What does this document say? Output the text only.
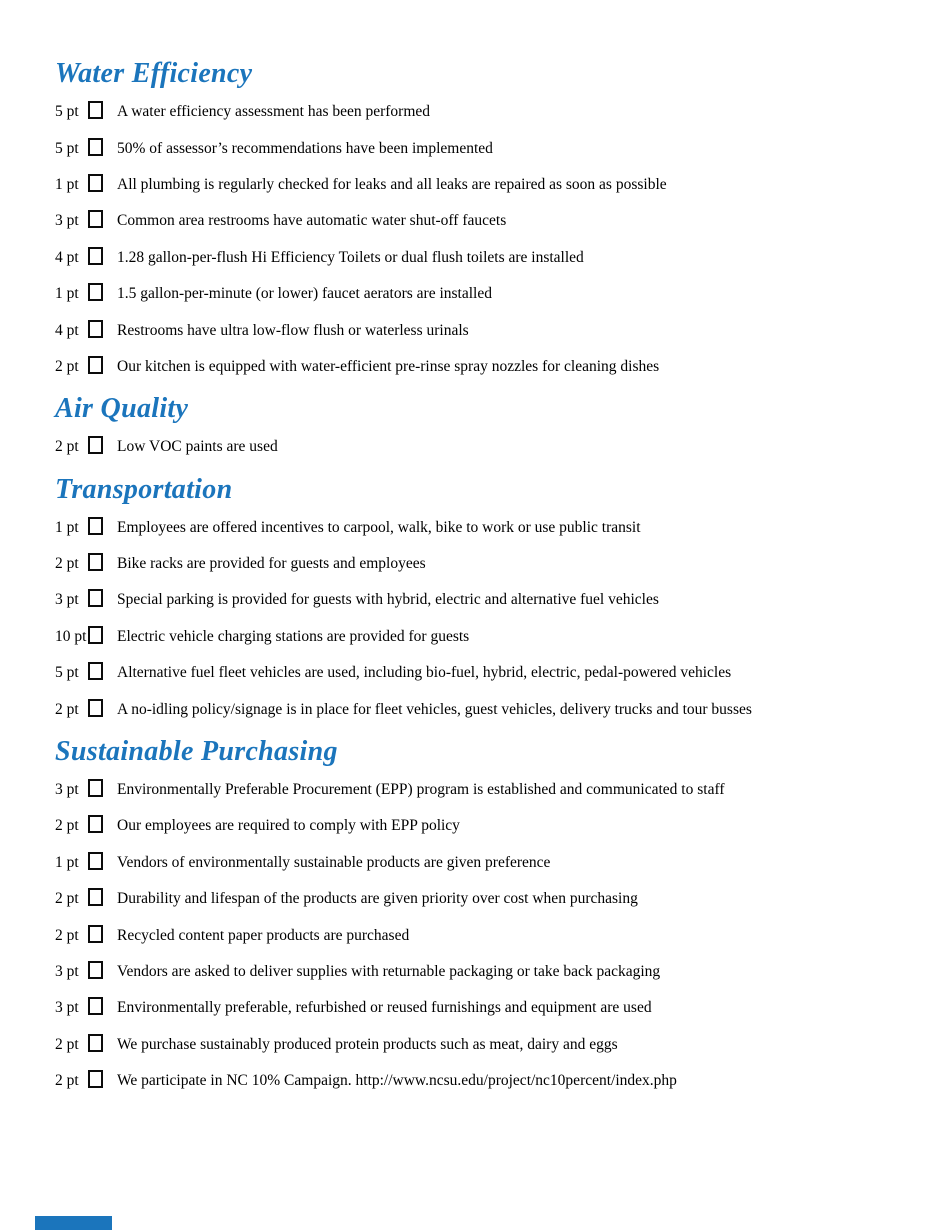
Water Efficiency
5 pt	A water efficiency assessment has been performed
5 pt	50% of assessor’s recommendations have been implemented
1 pt	All plumbing is regularly checked for leaks and all leaks are repaired as soon as possible
3 pt	Common area restrooms have automatic water shut-off faucets
4 pt	1.28 gallon-per-flush Hi Efficiency Toilets or dual flush toilets are installed
1 pt	1.5 gallon-per-minute (or lower) faucet aerators are installed
4 pt	Restrooms have ultra low-flow flush or waterless urinals
2 pt	Our kitchen is equipped with water-efficient pre-rinse spray nozzles for cleaning dishes
Air Quality
2 pt	Low VOC paints are used
Transportation
1 pt	Employees are offered incentives to carpool, walk, bike to work or use public transit
2 pt	Bike racks are provided for guests and employees
3 pt	Special parking is provided for guests with hybrid, electric and alternative fuel vehicles
10 pt Electric vehicle charging stations are provided for guests
5 pt	Alternative fuel fleet vehicles are used, including bio-fuel, hybrid, electric, pedal-powered vehicles
2 pt	A no-idling policy/signage is in place for fleet vehicles, guest vehicles, delivery trucks and tour busses
Sustainable Purchasing
3 pt	Environmentally Preferable Procurement (EPP) program is established and communicated to staff
2 pt	Our employees are required to comply with EPP policy
1 pt	Vendors of environmentally sustainable products are given preference
2 pt	Durability and lifespan of the products are given priority over cost when purchasing
2 pt	Recycled content paper products are purchased
3 pt	Vendors are asked to deliver supplies with returnable packaging or take back packaging
3 pt	Environmentally preferable, refurbished or reused furnishings and equipment are used
2 pt	We purchase sustainably produced protein products such as meat, dairy and eggs
2 pt	We participate in NC 10% Campaign. http://www.ncsu.edu/project/nc10percent/index.php
